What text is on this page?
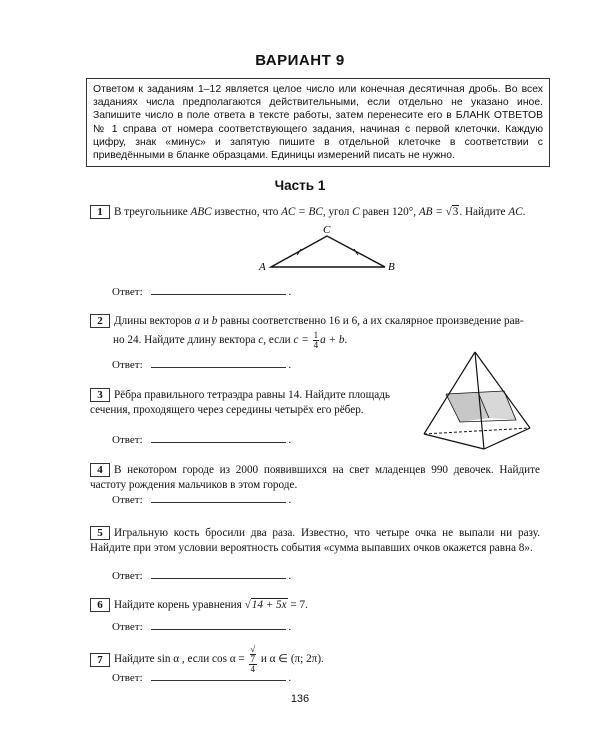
ВАРИАНТ 9
Ответом к заданиям 1–12 является целое число или конечная десятичная дробь. Во всех заданиях числа предполагаются действительными, если отдельно не указано иное. Запишите число в поле ответа в тексте работы, затем перенесите его в БЛАНК ОТВЕТОВ № 1 справа от номера соответствующего задания, начиная с первой клеточки. Каждую цифру, знак «минус» и запятую пишите в отдельной клеточке в соответствии с приведёнными в бланке образцами. Единицы измерений писать не нужно.
Часть 1
1 В треугольнике ABC известно, что AC = BC, угол C равен 120°, AB = √3. Найдите AC.
A	B
C
Ответ:	.
2 Длины векторов a и b равны соответственно 16 и 6, а их скалярное произведение рав-
но 24. Найдите длину вектора c, если $c = \frac{1}{4}$ a + b.
Ответ:	.
3 Рёбра правильного тетраэдра равны 14. Найдите площадь сечения, проходящего через середины четырёх его рёбер.
Ответ:	.
4 В некотором городе из 2000 появившихся на свет младенцев 990 девочек. Найдите частоту рождения мальчиков в этом городе.
Ответ:	.
5 Игральную кость бросили два раза. Известно, что четыре очка не выпали ни разу. Найдите при этом условии вероятность события «сумма выпавших очков окажется равна 8».
Ответ:	.
6 Найдите корень уравнения √14 + 5x = 7.
Ответ:	.
7 Найдите sin α , если cos α = √
7
4 и α ∈ (π; 2π).
Ответ:	.
136
